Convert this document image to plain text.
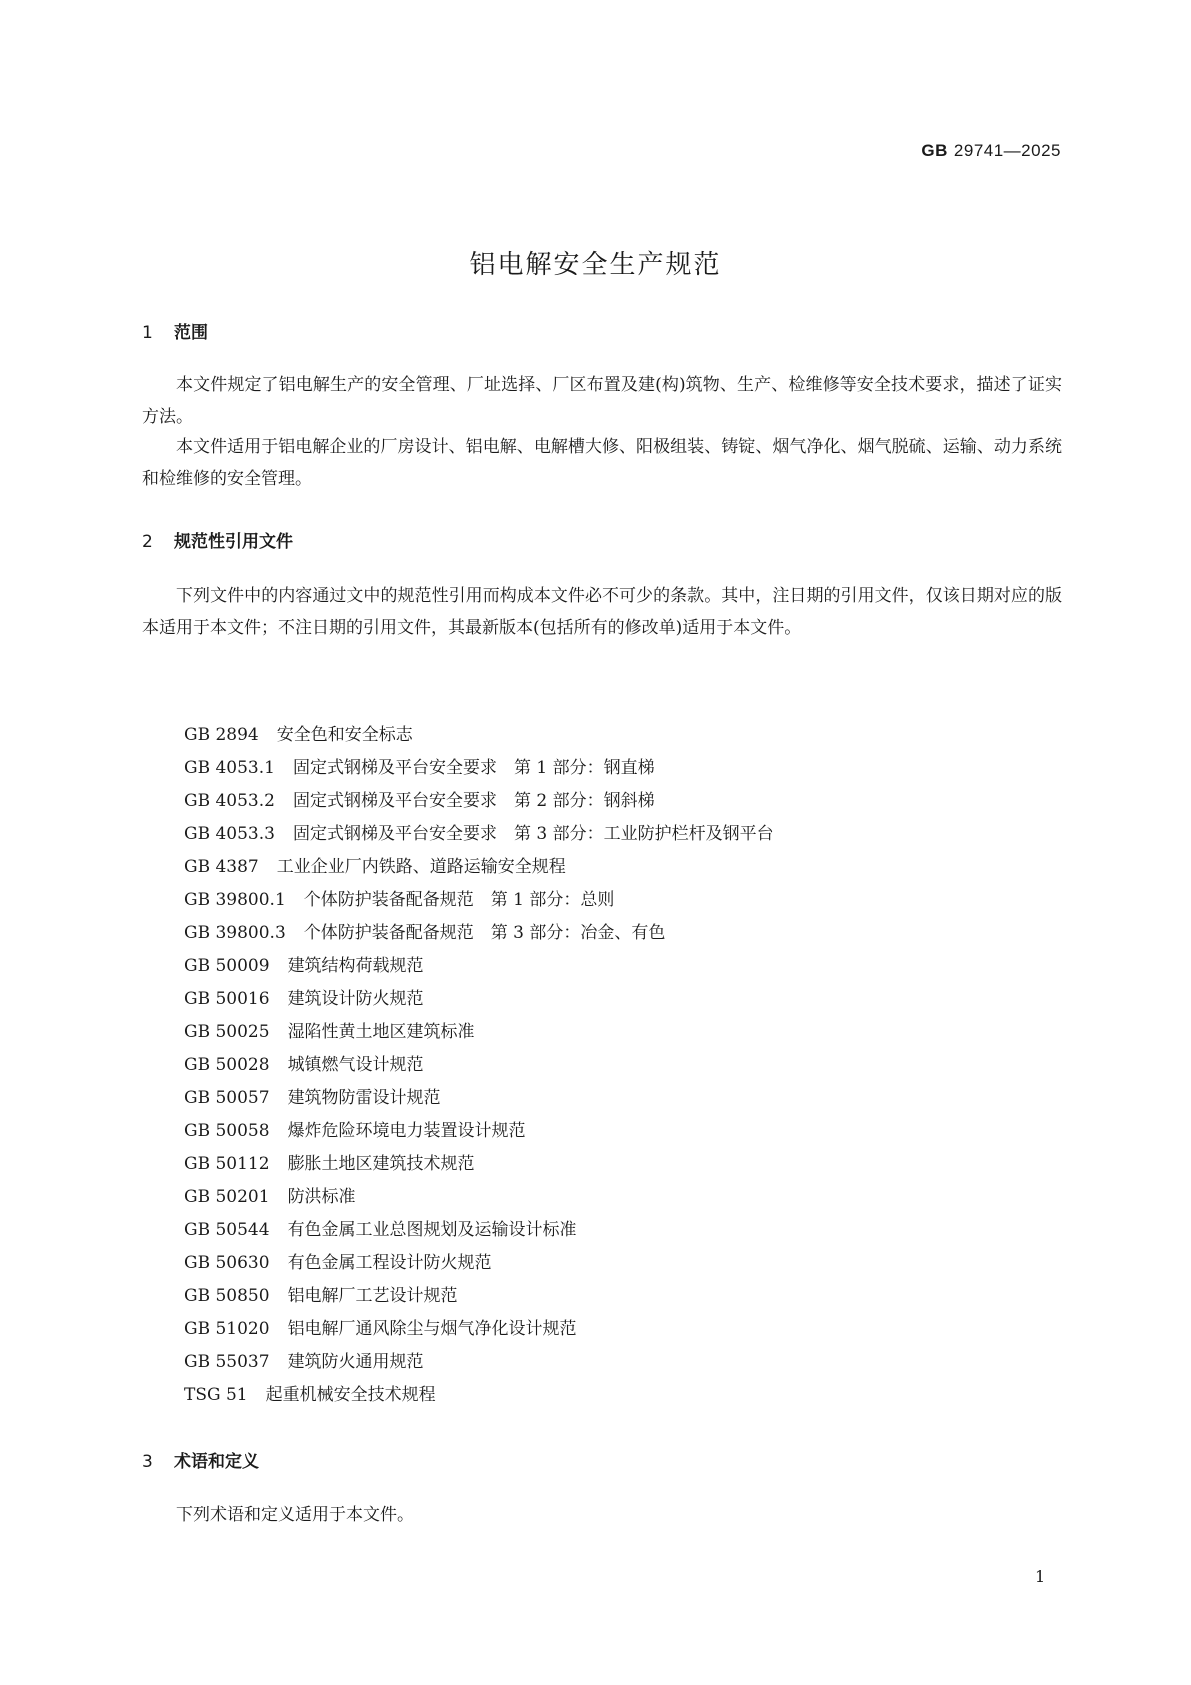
GB 29741—2025
铝电解安全生产规范
1 范围

本文件规定了铝电解生产的安全管理、厂址选择、厂区布置及建(构)筑物、生产、检维修等安全技术要求，描述了证实方法。

本文件适用于铝电解企业的厂房设计、铝电解、电解槽大修、阳极组装、铸锭、烟气净化、烟气脱硫、运输、动力系统和检维修的安全管理。

2 规范性引用文件

下列文件中的内容通过文中的规范性引用而构成本文件必不可少的条款。其中，注日期的引用文件，仅该日期对应的版本适用于本文件；不注日期的引用文件，其最新版本(包括所有的修改单)适用于本文件。

GB 2894 安全色和安全标志
GB 4053.1 固定式钢梯及平台安全要求　第 1 部分：钢直梯
GB 4053.2 固定式钢梯及平台安全要求　第 2 部分：钢斜梯
GB 4053.3 固定式钢梯及平台安全要求　第 3 部分：工业防护栏杆及钢平台
GB 4387 工业企业厂内铁路、道路运输安全规程
GB 39800.1 个体防护装备配备规范　第 1 部分：总则
GB 39800.3 个体防护装备配备规范　第 3 部分：冶金、有色
GB 50009 建筑结构荷载规范
GB 50016 建筑设计防火规范
GB 50025 湿陷性黄土地区建筑标准
GB 50028 城镇燃气设计规范
GB 50057 建筑物防雷设计规范
GB 50058 爆炸危险环境电力装置设计规范
GB 50112 膨胀土地区建筑技术规范
GB 50201 防洪标准
GB 50544 有色金属工业总图规划及运输设计标准
GB 50630 有色金属工程设计防火规范
GB 50850 铝电解厂工艺设计规范
GB 51020 铝电解厂通风除尘与烟气净化设计规范
GB 55037 建筑防火通用规范
TSG 51 起重机械安全技术规程
3 术语和定义

下列术语和定义适用于本文件。

1
